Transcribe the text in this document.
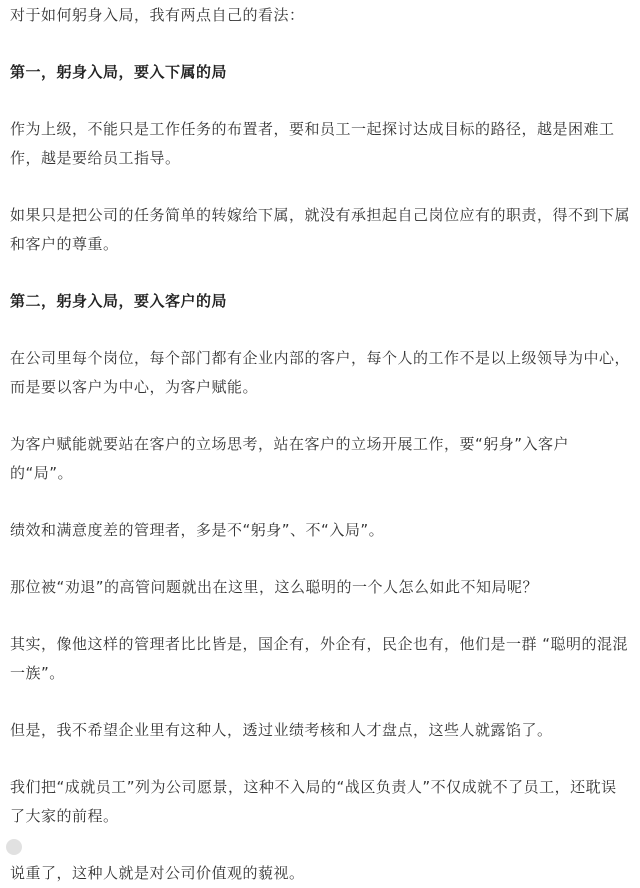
对于如何躬身入局，我有两点自己的看法：

第一，躬身入局，要入下属的局

作为上级，不能只是工作任务的布置者，要和员工一起探讨达成目标的路径，越是困难工作，越是要给员工指导。

如果只是把公司的任务简单的转嫁给下属，就没有承担起自己岗位应有的职责，得不到下属和客户的尊重。

第二，躬身入局，要入客户的局

在公司里每个岗位，每个部门都有企业内部的客户，每个人的工作不是以上级领导为中心，而是要以客户为中心，为客户赋能。

为客户赋能就要站在客户的立场思考，站在客户的立场开展工作，要“躬身”入客户的“局”。

绩效和满意度差的管理者，多是不“躬身”、不“入局”。

那位被“劝退”的高管问题就出在这里，这么聪明的一个人怎么如此不知局呢？

其实，像他这样的管理者比比皆是，国企有，外企有，民企也有，他们是一群 “聪明的混混一族”。

但是，我不希望企业里有这种人，透过业绩考核和人才盘点，这些人就露馅了。

我们把“成就员工”列为公司愿景，这种不入局的“战区负责人”不仅成就不了员工，还耽误了大家的前程。

说重了，这种人就是对公司价值观的藐视。
